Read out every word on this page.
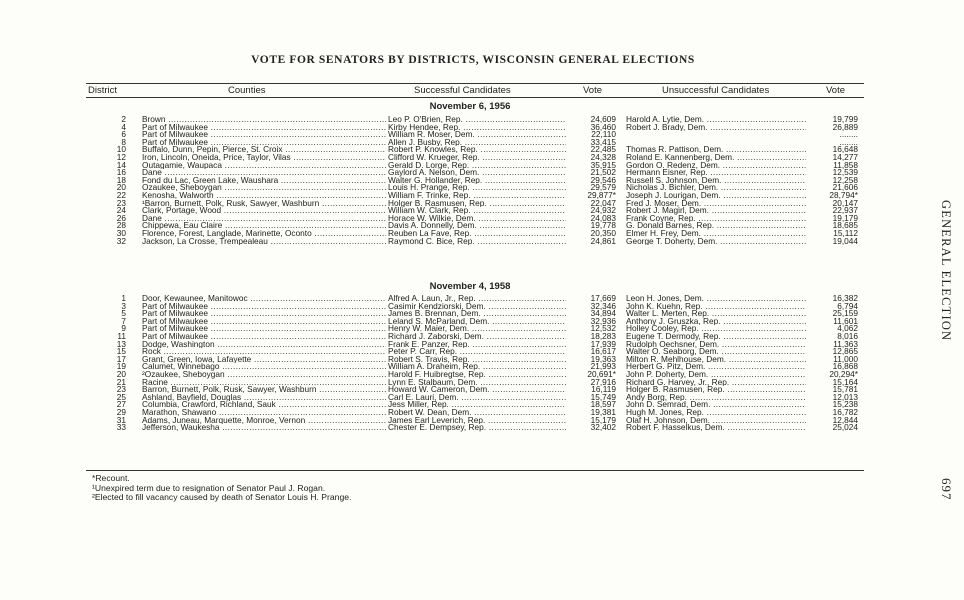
VOTE FOR SENATORS BY DISTRICTS, WISCONSIN GENERAL ELECTIONS
District	Counties	Successful Candidates	Vote	Unsuccessful Candidates	Vote
November 6, 1956
2 Brown .....	Leo P. O'Brien, Rep. .....	24,609 Harold A. Lytie, Dem. .....	19,799
4 Part of Milwaukee .....	Kirby Hendee, Rep. .....	36,460 Robert J. Brady, Dem. .....	26,889
6 Part of Milwaukee .....	William R. Moser, Dem. .....	22,110	........
8 Part of Milwaukee .....	Allen J. Busby, Rep. .....	33,415	........
10 Buffalo, Dunn, Pepin, Pierce, St. Croix .....	Robert P. Knowles, Rep. .....	22,485 Thomas R. Pattison, Dem. .....	16,648
12 Iron, Lincoln, Oneida, Price, Taylor, Vilas .....	Clifford W. Krueger, Rep. .....	24,328 Roland E. Kannenberg, Dem. .....	14,277
14 Outagamie, Waupaca .....	Gerald D. Lorge, Rep. .....	35,915 Gordon O. Redenz, Dem. .....	11,858
16 Dane .....	Gaylord A. Nelson, Dem. .....	21,502 Hermann Eisner, Rep. .....	12,539
18 Fond du Lac, Green Lake, Waushara .....	Walter G. Hollander, Rep. .....	29,546 Russell S. Johnson, Dem. .....	12,258
20 Ozaukee, Sheboygan .....	Louis H. Prange, Rep. .....	29,579 Nicholas J. Bichler, Dem. .....	21,606
22 Kenosha, Walworth .....	William F. Trinke, Rep. .....	29,877* Joseph J. Lourigan, Dem. .....	28,794*
23 ¹Barron, Burnett, Polk, Rusk, Sawyer, Washburn .....	Holger B. Rasmusen, Rep. .....	22,047 Fred J. Moser, Dem. .....	20,147
24 Clark, Portage, Wood .....	William W. Clark, Rep. .....	24,932 Robert J. Magirl, Dem. .....	22,937
26 Dane .....	Horace W. Wilkie, Dem. .....	24,083 Frank Coyne, Rep. .....	19,179
28 Chippewa, Eau Claire .....	Davis A. Donnelly, Dem. .....	19,778 G. Donald Barnes, Rep. .....	18,685
30 Florence, Forest, Langlade, Marinette, Oconto .....	Reuben La Fave, Rep. .....	20,350 Elmer H. Frey, Dem. .....	15,112
32 Jackson, La Crosse, Trempealeau .....	Raymond C. Bice, Rep. .....	24,861 George T. Doherty, Dem. .....	19,044
November 4, 1958
1 Door, Kewaunee, Manitowoc .....	Alfred A. Laun, Jr., Rep. .....	17,669 Leon H. Jones, Dem. .....	16,382
3 Part of Milwaukee .....	Casimir Kendziorski, Dem. .....	32,346 John K. Kuehn, Rep. .....	6,794
5 Part of Milwaukee .....	James B. Brennan, Dem. .....	34,894 Walter L. Merten, Rep. .....	25,159
7 Part of Milwaukee .....	Leland S. McParland, Dem. .....	32,936 Anthony J. Gruszka, Rep. .....	11,601
9 Part of Milwaukee .....	Henry W. Maier, Dem. .....	12,532 Holley Cooley, Rep. .....	4,062
11 Part of Milwaukee .....	Richard J. Zaborski, Dem. .....	18,283 Eugene T. Dermody, Rep. .....	8,016
13 Dodge, Washington .....	Frank E. Panzer, Rep. .....	17,939 Rudolph Oechsner, Dem. .....	11,363
15 Rock .....	Peter P. Carr, Rep. .....	16,617 Walter O. Seaborg, Dem. .....	12,865
17 Grant, Green, Iowa, Lafayette .....	Robert S. Travis, Rep. .....	19,363 Milton R. Mehlhouse, Dem. .....	11,000
19 Calumet, Winnebago .....	William A. Draheim, Rep. .....	21,993 Herbert G. Pitz, Dem. .....	16,868
20 ²Ozaukee, Sheboygan .....	Harold F. Huibregtse, Rep. .....	20,691* John P. Doherty, Dem. .....	20,294*
21 Racine .....	Lynn E. Stalbaum, Dem. .....	27,916 Richard G. Harvey, Jr., Rep. .....	15,164
23 Barron, Burnett, Polk, Rusk, Sawyer, Washburn .....	Howard W. Cameron, Dem. .....	16,119 Holger B. Rasmusen, Rep. .....	15,781
25 Ashland, Bayfield, Douglas .....	Carl E. Lauri, Dem. .....	15,749 Andy Borg, Rep. .....	12,013
27 Columbia, Crawford, Richland, Sauk .....	Jess Miller, Rep. .....	18,597 John D. Semrad, Dem. .....	15,238
29 Marathon, Shawano .....	Robert W. Dean, Dem. .....	19,381 Hugh M. Jones, Rep. .....	16,782
31 Adams, Juneau, Marquette, Monroe, Vernon .....	James Earl Leverich, Rep. .....	15,179 Olaf H. Johnson, Dem. .....	12,844
33 Jefferson, Waukesha .....	Chester E. Dempsey, Rep. .....	32,402 Robert F. Hasselkus, Dem. .....	25,024
*Recount.
¹Unexpired term due to resignation of Senator Paul J. Rogan.
²Elected to fill vacancy caused by death of Senator Louis H. Prange.
GENERAL ELECTION
697
